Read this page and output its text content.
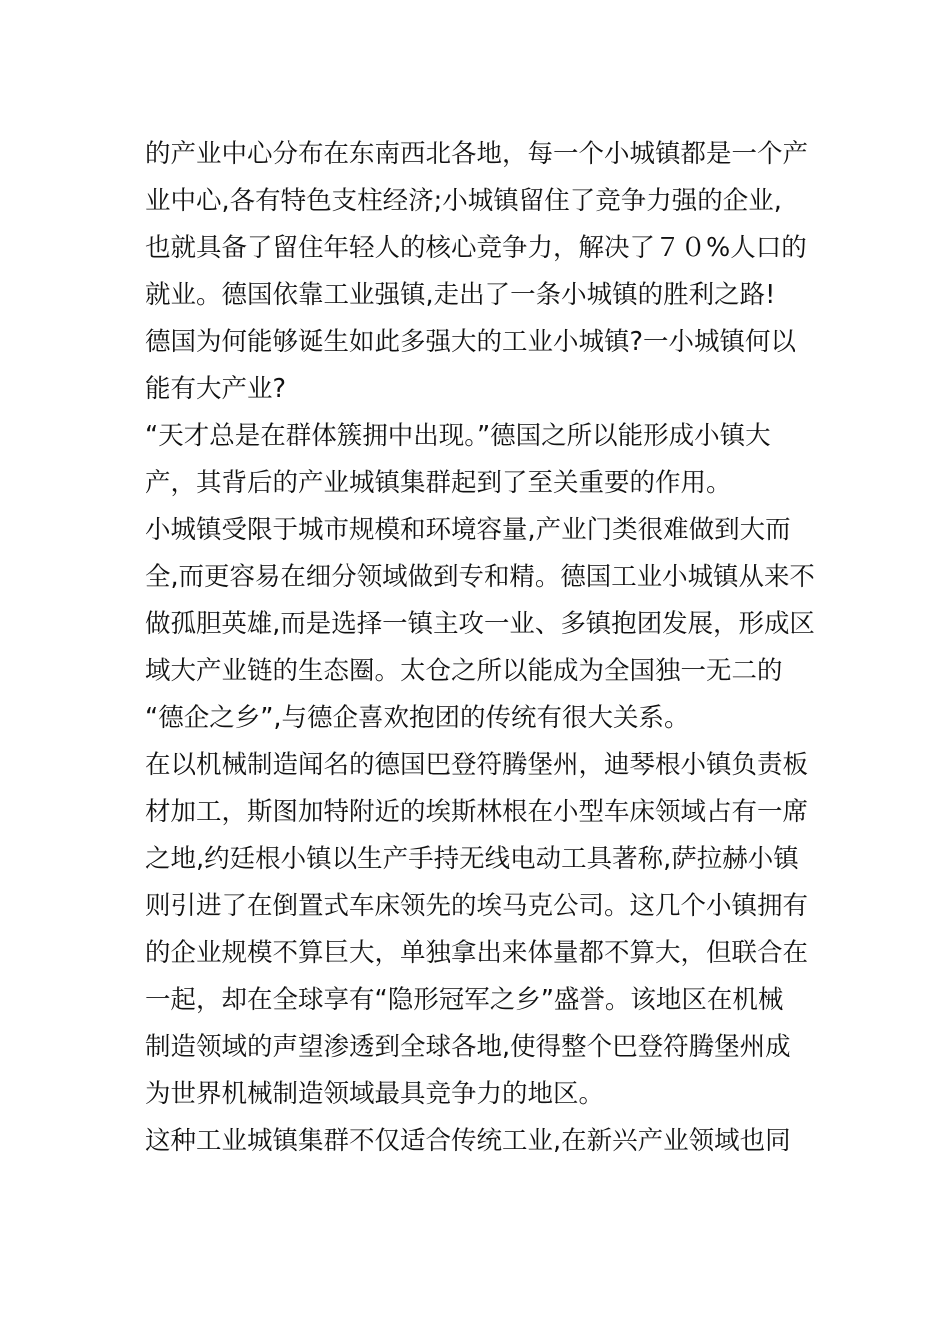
的产业中心分布在东南西北各地，每一个小城镇都是一个产
业中心,各有特色支柱经济;小城镇留住了竞争力强的企业,
也就具备了留住年轻人的核心竞争力，解决了７０%人口的
就业。德国依靠工业强镇,走出了一条小城镇的胜利之路!
德国为何能够诞生如此多强大的工业小城镇?一小城镇何以
能有大产业?
“天才总是在群体簇拥中出现。”德国之所以能形成小镇大
产，其背后的产业城镇集群起到了至关重要的作用。
小城镇受限于城市规模和环境容量,产业门类很难做到大而
全,而更容易在细分领域做到专和精。德国工业小城镇从来不
做孤胆英雄,而是选择一镇主攻一业、多镇抱团发展，形成区
域大产业链的生态圈。太仓之所以能成为全国独一无二的
“德企之乡”,与德企喜欢抱团的传统有很大关系。
在以机械制造闻名的德国巴登符腾堡州，迪琴根小镇负责板
材加工，斯图加特附近的埃斯林根在小型车床领域占有一席
之地,约廷根小镇以生产手持无线电动工具著称,萨拉赫小镇
则引进了在倒置式车床领先的埃马克公司。这几个小镇拥有
的企业规模不算巨大，单独拿出来体量都不算大，但联合在
一起，却在全球享有“隐形冠军之乡”盛誉。该地区在机械
制造领域的声望渗透到全球各地,使得整个巴登符腾堡州成
为世界机械制造领域最具竞争力的地区。
这种工业城镇集群不仅适合传统工业,在新兴产业领域也同
